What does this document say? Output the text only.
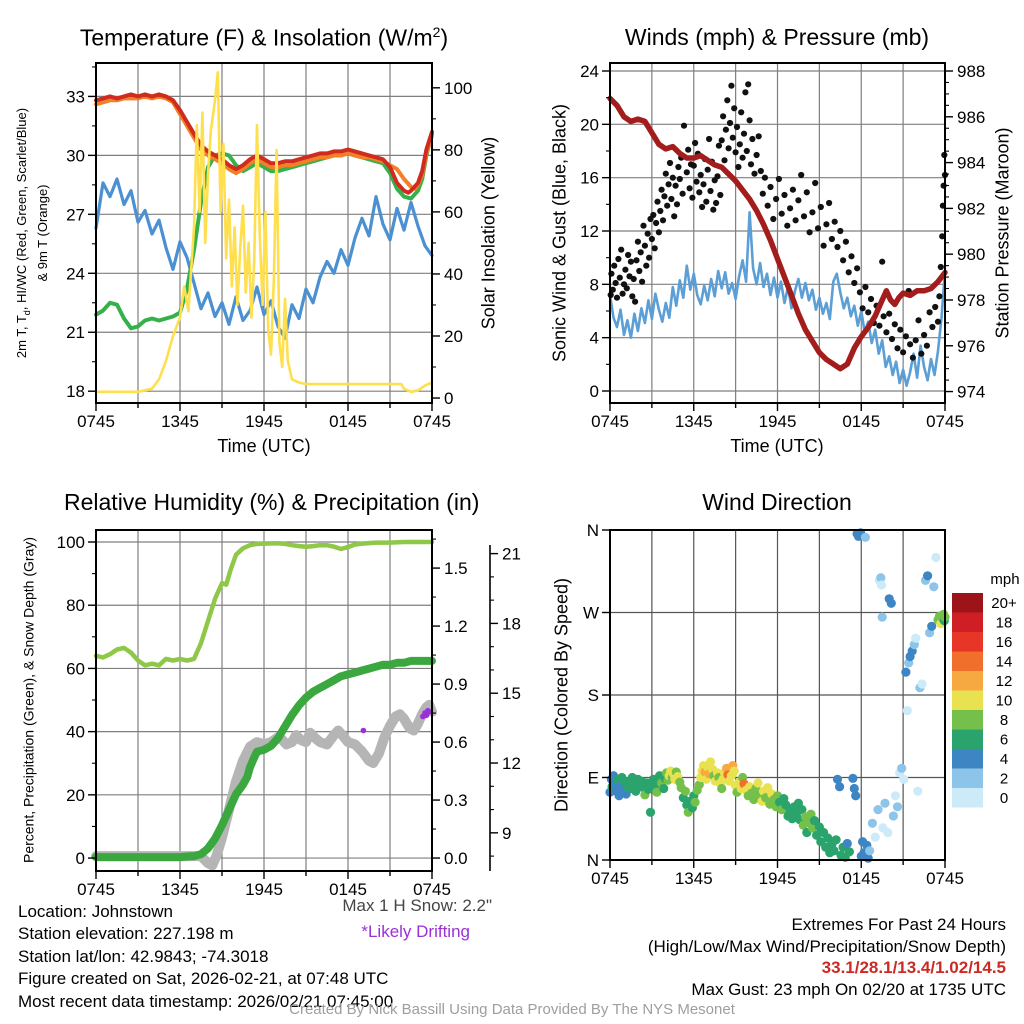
0745	1345	1945	0145	0745
18
21
24
27
30
33
0
20
40
60
80
100
0745	1345	1945	0145	0745
0
4
8
12
16
20
24
974
976
978
980
982
984
986
988
0745	1345	1945	0145	0745
0
20
40
60
80
100
0.0
0.3
0.6
0.9
1.2
1.5
9
12
15
18
21
0745	1345	1945	0145	0745
N
E
S
W
N
mph
20+
18
16
14
12
10
8
6
4
2
0
Temperature (F) & Insolation $(W/m^2)$	Winds (mph) & Pressure (mb)
Relative Humidity (%) & Precipitation (in)	Wind Direction
2m T, $T_d$, HI/WC (Red, Green, Scarlet/Blue) & 9m T (Orange)	Solar Insolation (Yellow)	Sonic Wind & Gust (Blue, Black)	Station Pressure (Maroon)
Percent, Precipitation (Green), & Snow Depth (Gray)	Direction (Colored By Speed)
Time (UTC)	Time (UTC)
Max 1 H Snow: 2.2"
*Likely Drifting
Location: Johnstown
Station elevation: 227.198 m
Station lat/lon: 42.9843; -74.3018
Figure created on Sat, 2026-02-21, at 07:48 UTC
Most recent data timestamp: 2026/02/21 07:45:00
Extremes For Past 24 Hours
(High/Low/Max Wind/Precipitation/Snow Depth)
33.1/28.1/13.4/1.02/14.5
Max Gust: 23 mph On 02/20 at 1735 UTC
Created By Nick Bassill Using Data Provided By The NYS Mesonet
